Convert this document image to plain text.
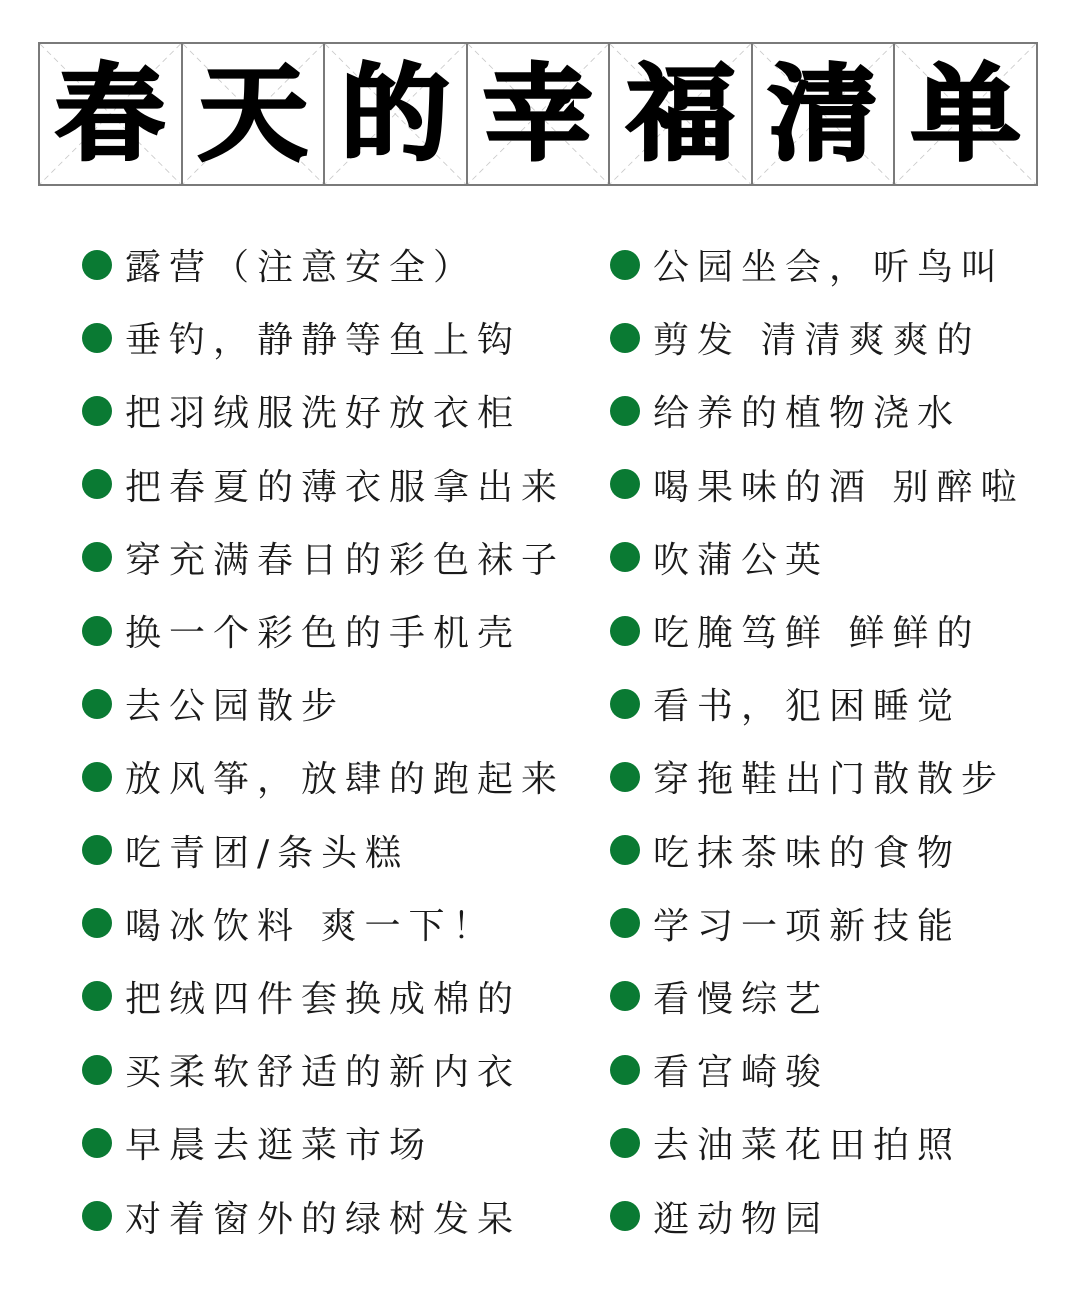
春 天 的 幸 福 清 单
露营（注意安全）
垂钓，静静等鱼上钩
把羽绒服洗好放衣柜
把春夏的薄衣服拿出来
穿充满春日的彩色袜子
换一个彩色的手机壳
去公园散步
放风筝，放肆的跑起来
吃青团/条头糕
喝冰饮料 爽一下！
把绒四件套换成棉的
买柔软舒适的新内衣
早晨去逛菜市场
对着窗外的绿树发呆
公园坐会，听鸟叫
剪发 清清爽爽的
给养的植物浇水
喝果味的酒 别醉啦
吹蒲公英
吃腌笃鲜 鲜鲜的
看书，犯困睡觉
穿拖鞋出门散散步
吃抹茶味的食物
学习一项新技能
看慢综艺
看宫崎骏
去油菜花田拍照
逛动物园
